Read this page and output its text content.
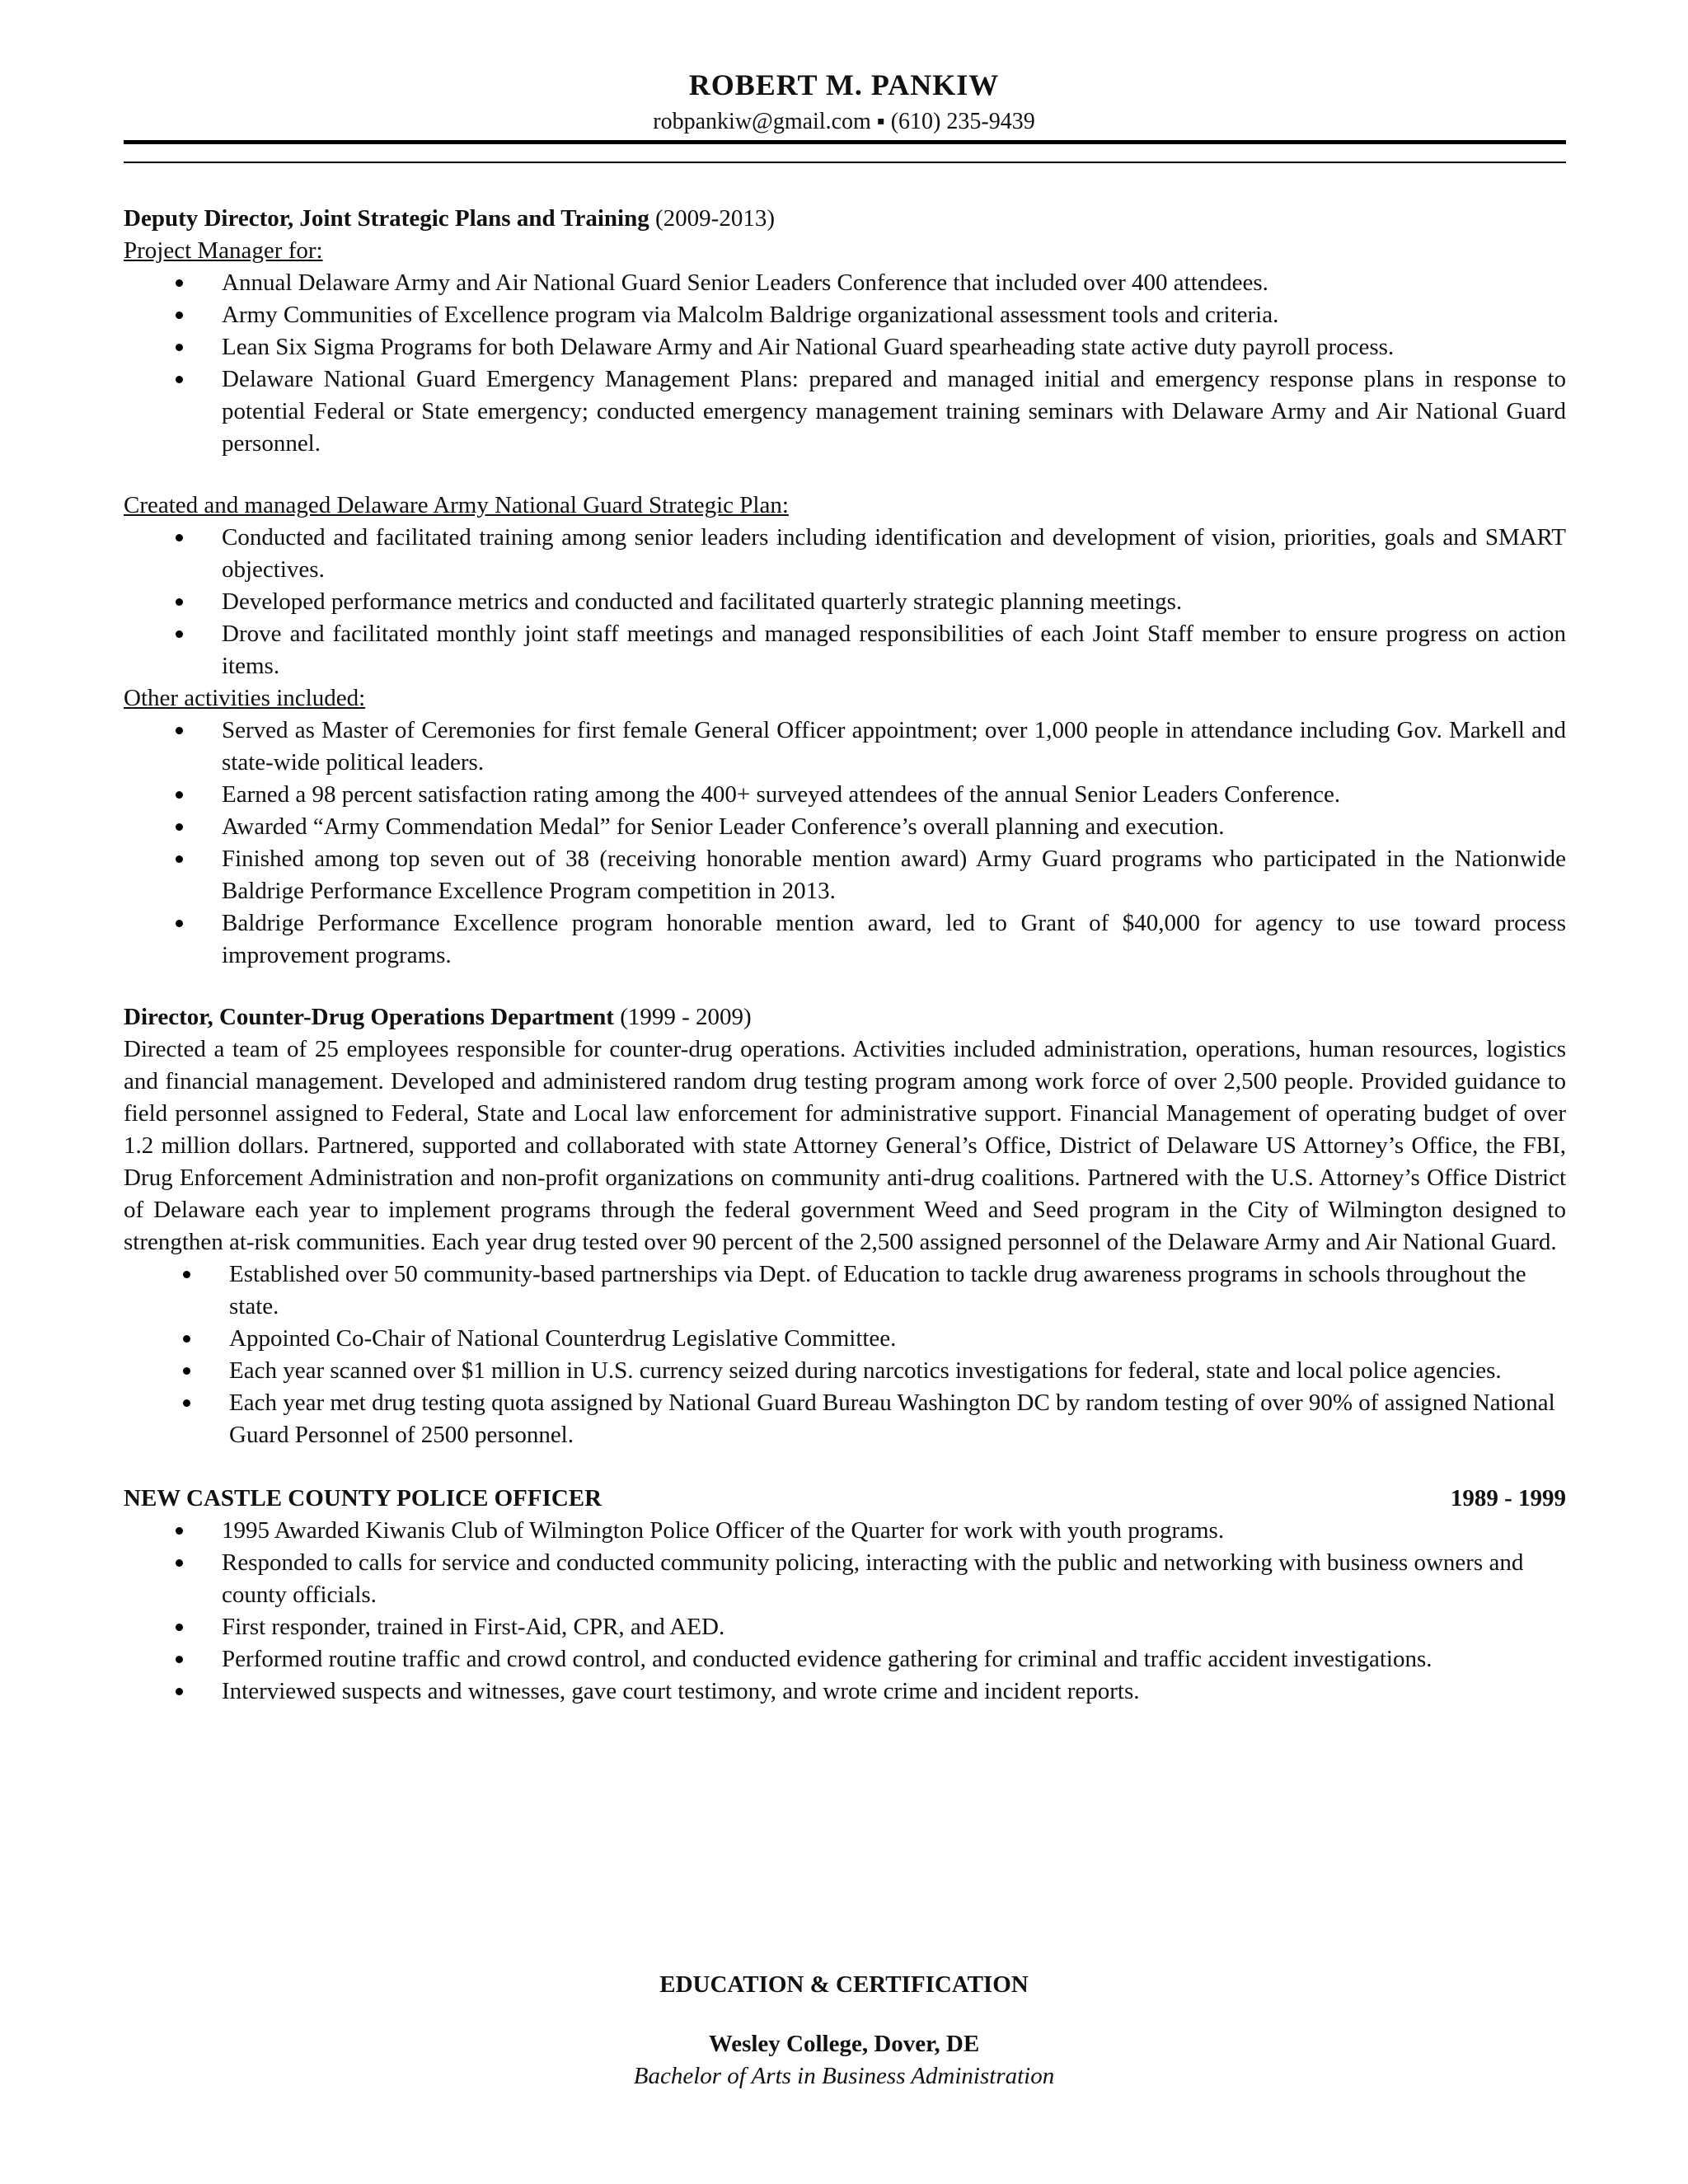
ROBERT M. PANKIW
robpankiw@gmail.com ▪ (610) 235-9439

Deputy Director, Joint Strategic Plans and Training (2009-2013)

Project Manager for:

Annual Delaware Army and Air National Guard Senior Leaders Conference that included over 400 attendees.
Army Communities of Excellence program via Malcolm Baldrige organizational assessment tools and criteria.
Lean Six Sigma Programs for both Delaware Army and Air National Guard spearheading state active duty payroll process.
Delaware National Guard Emergency Management Plans: prepared and managed initial and emergency response plans in response to potential Federal or State emergency; conducted emergency management training seminars with Delaware Army and Air National Guard personnel.

Created and managed Delaware Army National Guard Strategic Plan:

Conducted and facilitated training among senior leaders including identification and development of vision, priorities, goals and SMART objectives.
Developed performance metrics and conducted and facilitated quarterly strategic planning meetings.
Drove and facilitated monthly joint staff meetings and managed responsibilities of each Joint Staff member to ensure progress on action items.

Other activities included:

Served as Master of Ceremonies for first female General Officer appointment; over 1,000 people in attendance including Gov. Markell and state-wide political leaders.
Earned a 98 percent satisfaction rating among the 400+ surveyed attendees of the annual Senior Leaders Conference.
Awarded “Army Commendation Medal” for Senior Leader Conference’s overall planning and execution.
Finished among top seven out of 38 (receiving honorable mention award) Army Guard programs who participated in the Nationwide Baldrige Performance Excellence Program competition in 2013.
Baldrige Performance Excellence program honorable mention award, led to Grant of $40,000 for agency to use toward process improvement programs.

Director, Counter-Drug Operations Department (1999 - 2009)

Directed a team of 25 employees responsible for counter-drug operations. Activities included administration, operations, human resources, logistics and financial management. Developed and administered random drug testing program among work force of over 2,500 people. Provided guidance to field personnel assigned to Federal, State and Local law enforcement for administrative support. Financial Management of operating budget of over 1.2 million dollars. Partnered, supported and collaborated with state Attorney General’s Office, District of Delaware US Attorney’s Office, the FBI, Drug Enforcement Administration and non-profit organizations on community anti-drug coalitions. Partnered with the U.S. Attorney’s Office District of Delaware each year to implement programs through the federal government Weed and Seed program in the City of Wilmington designed to strengthen at-risk communities. Each year drug tested over 90 percent of the 2,500 assigned personnel of the Delaware Army and Air National Guard.

Established over 50 community-based partnerships via Dept. of Education to tackle drug awareness programs in schools throughout the state.
Appointed Co-Chair of National Counterdrug Legislative Committee.
Each year scanned over $1 million in U.S. currency seized during narcotics investigations for federal, state and local police agencies.
Each year met drug testing quota assigned by National Guard Bureau Washington DC by random testing of over 90% of assigned National Guard Personnel of 2500 personnel.
NEW CASTLE COUNTY POLICE OFFICER	1989 - 1999
1995 Awarded Kiwanis Club of Wilmington Police Officer of the Quarter for work with youth programs.
Responded to calls for service and conducted community policing, interacting with the public and networking with business owners and county officials.
First responder, trained in First-Aid, CPR, and AED.
Performed routine traffic and crowd control, and conducted evidence gathering for criminal and traffic accident investigations.
Interviewed suspects and witnesses, gave court testimony, and wrote crime and incident reports.
EDUCATION & CERTIFICATION
Wesley College, Dover, DE
Bachelor of Arts in Business Administration
